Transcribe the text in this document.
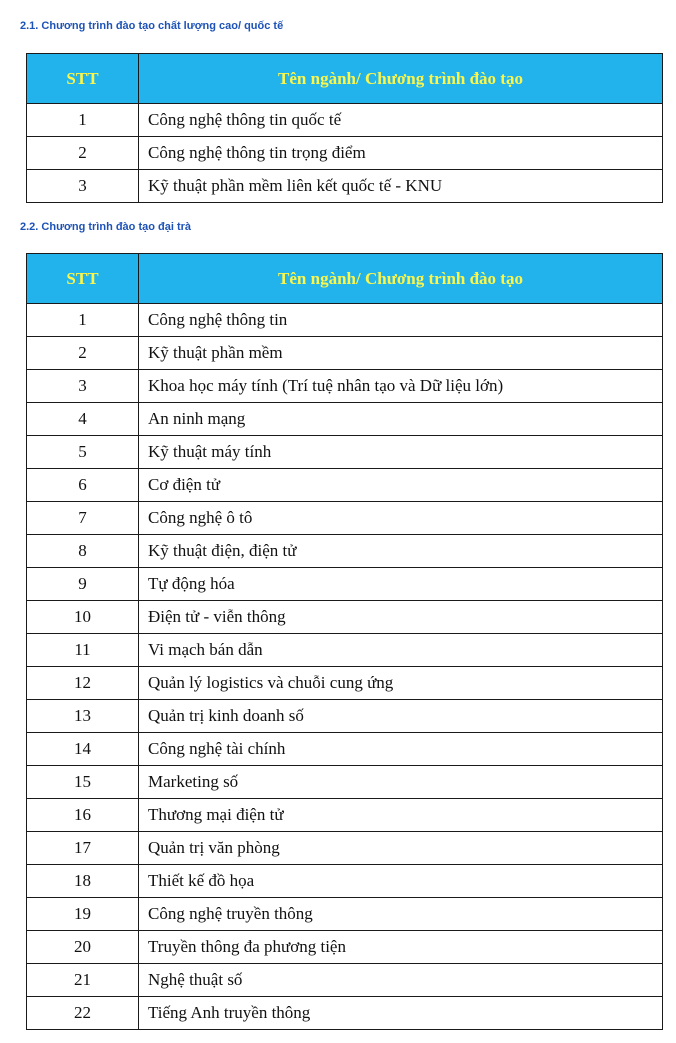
2.1. Chương trình đào tạo chất lượng cao/ quốc tế
STT	Tên ngành/ Chương trình đào tạo
1	Công nghệ thông tin quốc tế
2	Công nghệ thông tin trọng điểm
3	Kỹ thuật phần mềm liên kết quốc tế - KNU
2.2. Chương trình đào tạo đại trà
STT	Tên ngành/ Chương trình đào tạo
1	Công nghệ thông tin
2	Kỹ thuật phần mềm
3	Khoa học máy tính (Trí tuệ nhân tạo và Dữ liệu lớn)
4	An ninh mạng
5	Kỹ thuật máy tính
6	Cơ điện tử
7	Công nghệ ô tô
8	Kỹ thuật điện, điện tử
9	Tự động hóa
10	Điện tử - viễn thông
11	Vi mạch bán dẫn
12	Quản lý logistics và chuỗi cung ứng
13	Quản trị kinh doanh số
14	Công nghệ tài chính
15	Marketing số
16	Thương mại điện tử
17	Quản trị văn phòng
18	Thiết kế đồ họa
19	Công nghệ truyền thông
20	Truyền thông đa phương tiện
21	Nghệ thuật số
22	Tiếng Anh truyền thông
